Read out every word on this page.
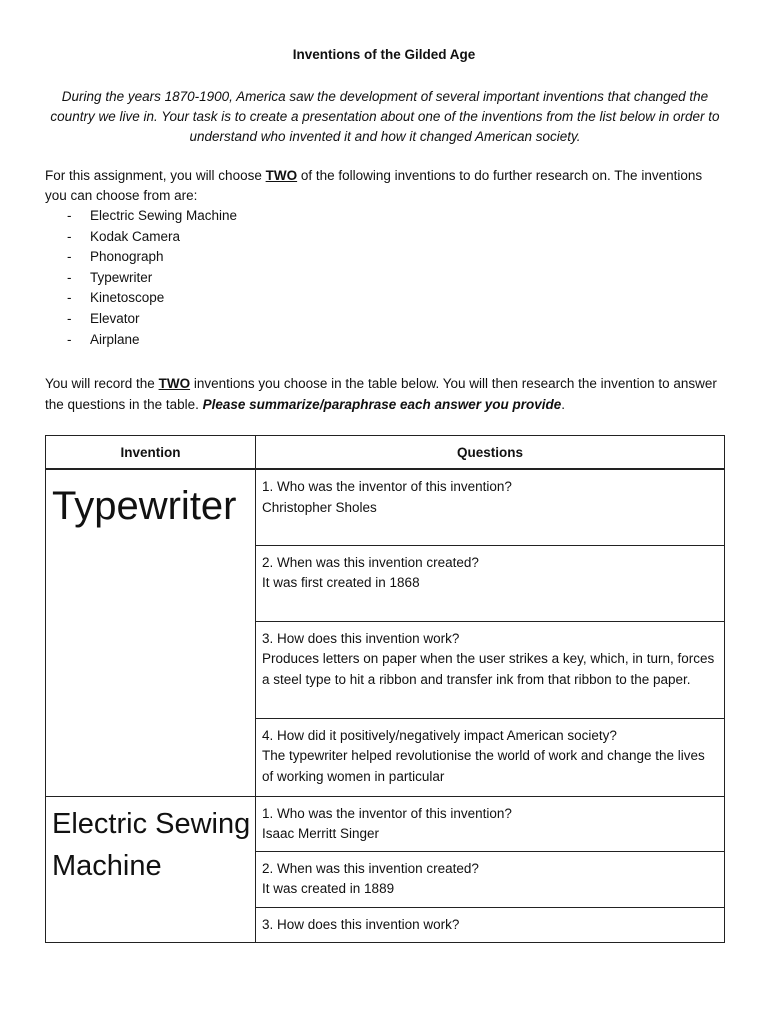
Inventions of the Gilded Age
During the years 1870-1900, America saw the development of several important inventions that changed the country we live in. Your task is to create a presentation about one of the inventions from the list below in order to understand who invented it and how it changed American society.
For this assignment, you will choose TWO of the following inventions to do further research on. The inventions you can choose from are:
- Electric Sewing Machine
- Kodak Camera
- Phonograph
- Typewriter
- Kinetoscope
- Elevator
- Airplane
You will record the TWO inventions you choose in the table below. You will then research the invention to answer the questions in the table. Please summarize/paraphrase each answer you provide.
Invention	Questions
Typewriter	1. Who was the inventor of this invention?
Christopher Sholes

	2. When was this invention created?
It was first created in 1868

	3. How does this invention work?
Produces letters on paper when the user strikes a key, which, in turn, forces a steel type to hit a ribbon and transfer ink from that ribbon to the paper.

	4. How did it positively/negatively impact American society?
The typewriter helped revolutionise the world of work and change the lives of working women in particular

Electric Sewing Machine	1. Who was the inventor of this invention?
Isaac Merritt Singer

	2. When was this invention created?
It was created in 1889

	3. How does this invention work?
